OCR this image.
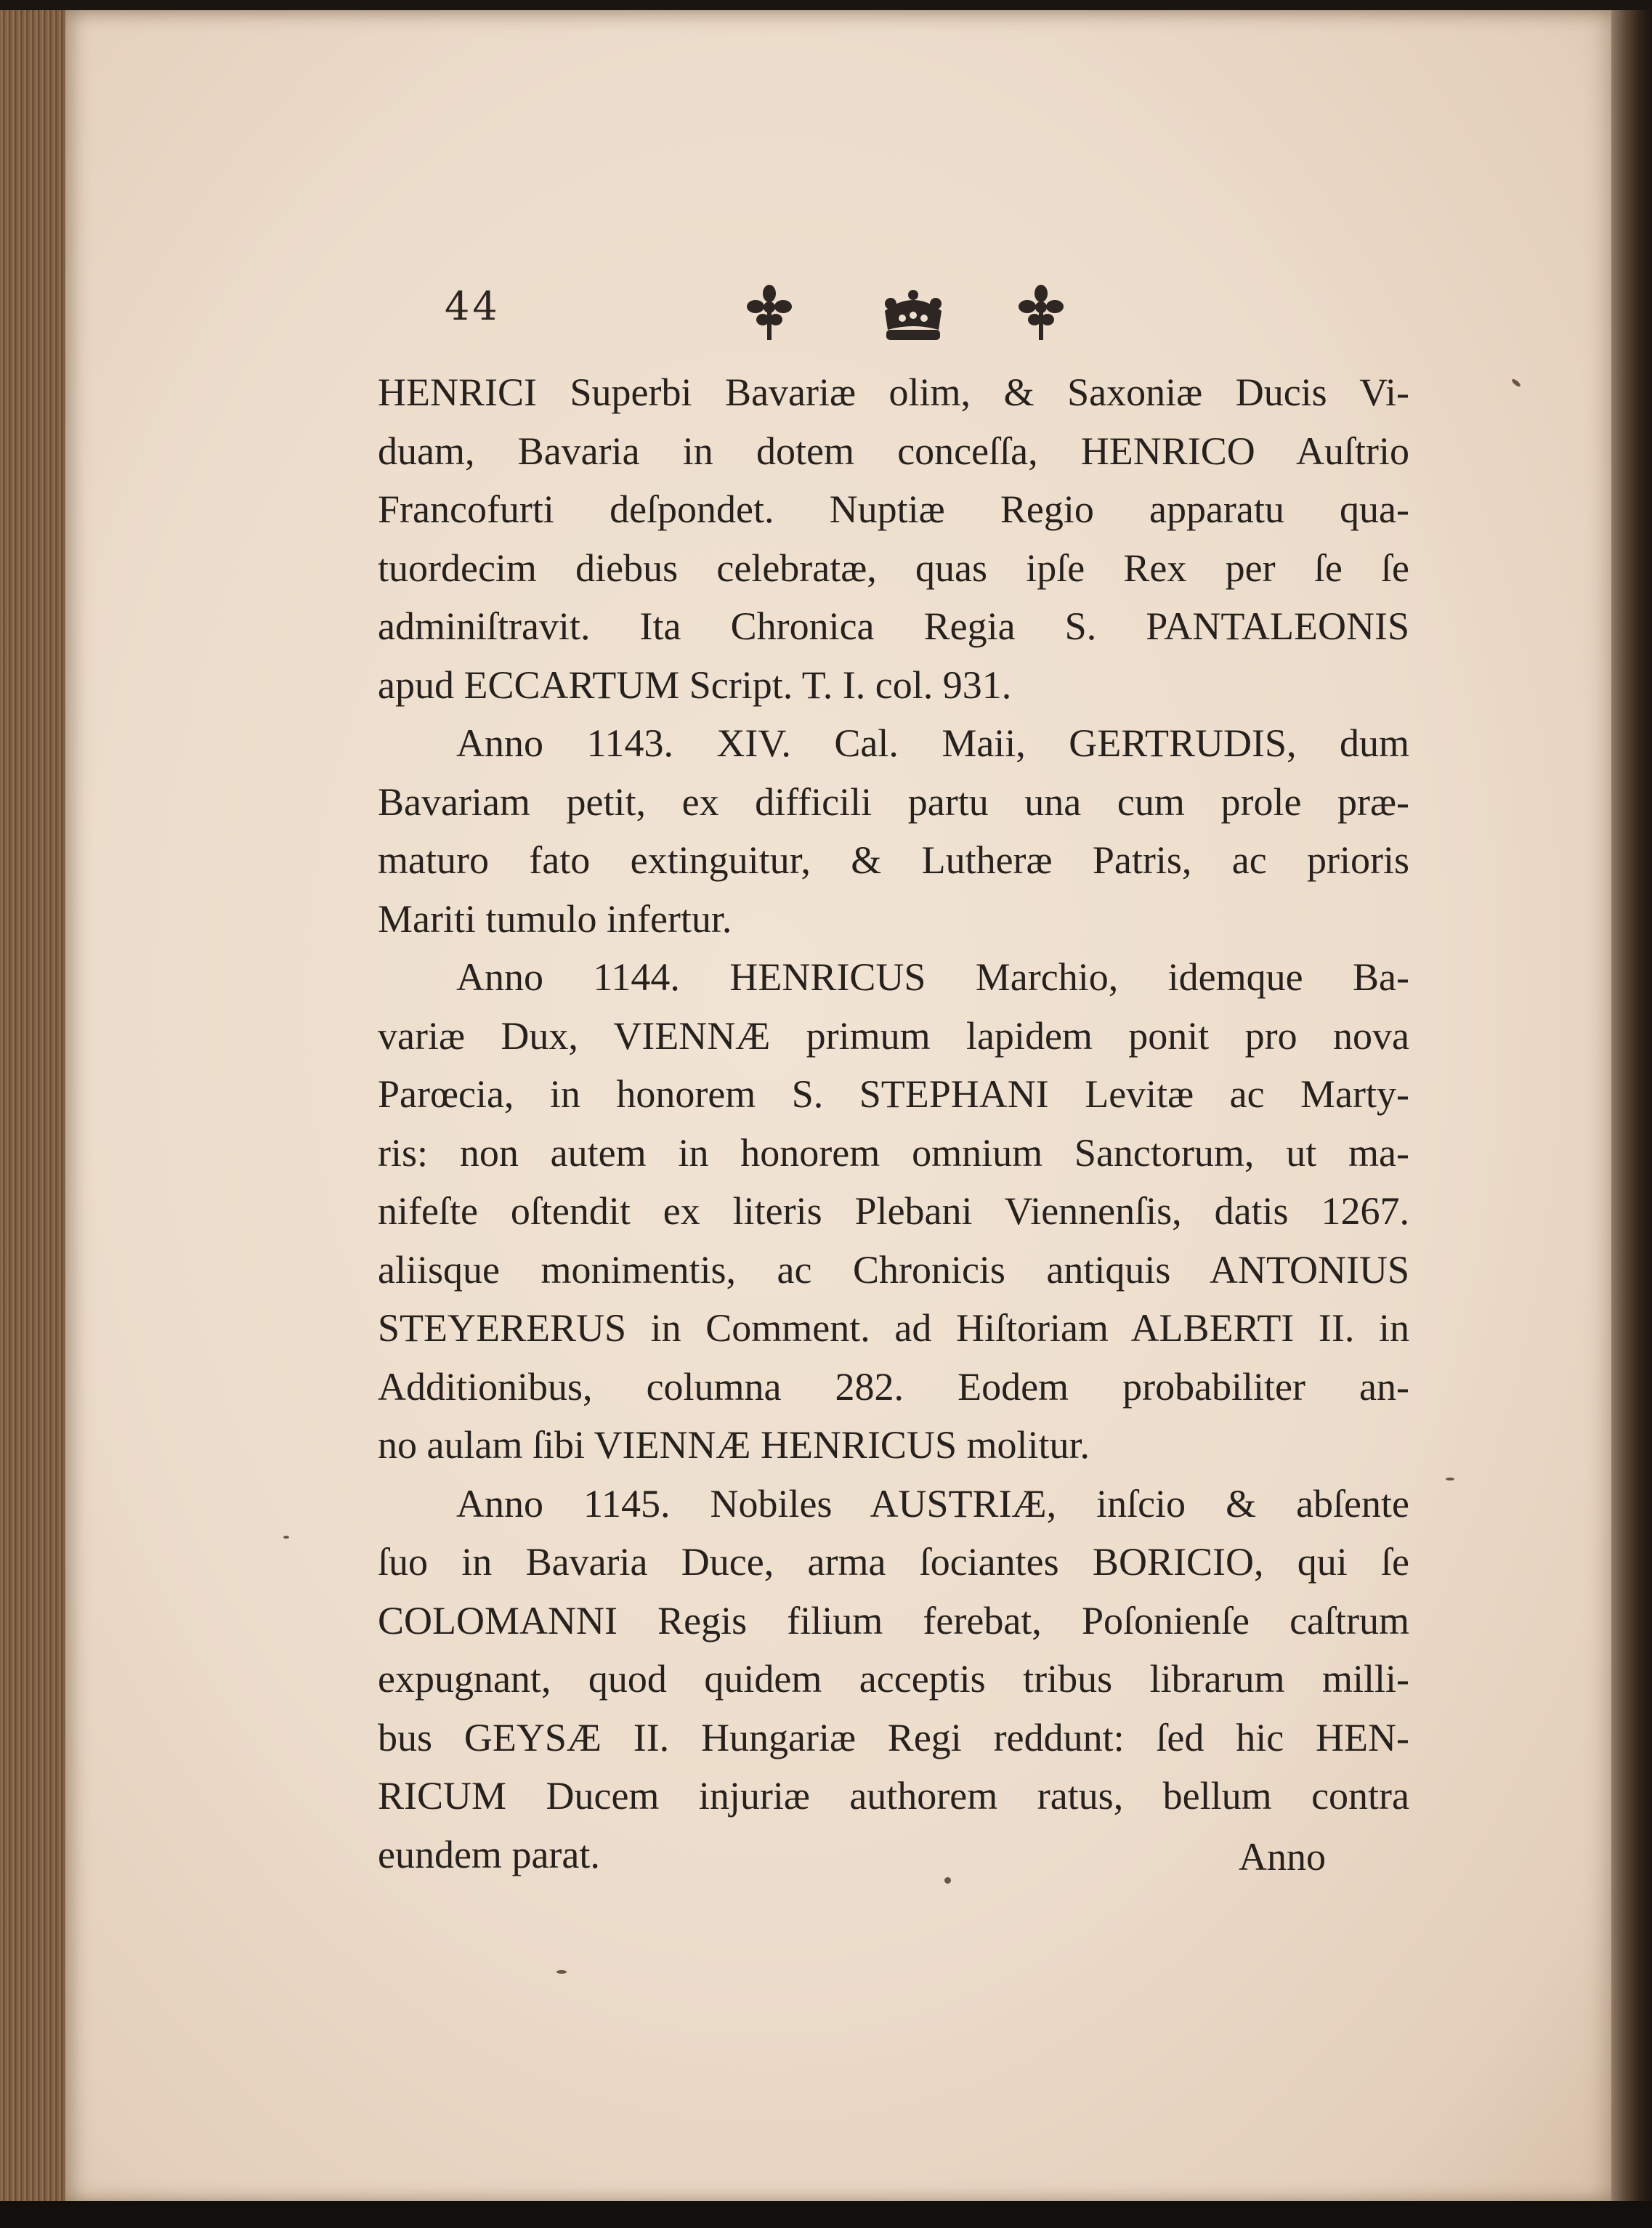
44
HENRICI Superbi Bavariæ olim, & Saxoniæ Ducis Vi-
duam, Bavaria in dotem conceſſa, HENRICO Auſtrio
Francofurti deſpondet. Nuptiæ Regio apparatu qua-
tuordecim diebus celebratæ, quas ipſe Rex per ſe ſe
adminiſtravit. Ita Chronica Regia S. PANTALEONIS
apud ECCARTUM Script. T. I. col. 931.
Anno 1143. XIV. Cal. Maii, GERTRUDIS, dum
Bavariam petit, ex difficili partu una cum prole præ-
maturo fato extinguitur, & Lutheræ Patris, ac prioris
Mariti tumulo infertur.
Anno 1144. HENRICUS Marchio, idemque Ba-
variæ Dux, VIENNÆ primum lapidem ponit pro nova
Parœcia, in honorem S. STEPHANI Levitæ ac Marty-
ris: non autem in honorem omnium Sanctorum, ut ma-
nifeſte oſtendit ex literis Plebani Viennenſis, datis 1267.
aliisque monimentis, ac Chronicis antiquis ANTONIUS
STEYERERUS in Comment. ad Hiſtoriam ALBERTI II. in
Additionibus, columna 282. Eodem probabiliter an-
no aulam ſibi VIENNÆ HENRICUS molitur.
Anno 1145. Nobiles AUSTRIÆ, inſcio & abſente
ſuo in Bavaria Duce, arma ſociantes BORICIO, qui ſe
COLOMANNI Regis filium ferebat, Poſonienſe caſtrum
expugnant, quod quidem acceptis tribus librarum milli-
bus GEYSÆ II. Hungariæ Regi reddunt: ſed hic HEN-
RICUM Ducem injuriæ authorem ratus, bellum contra
eundem parat.	Anno
